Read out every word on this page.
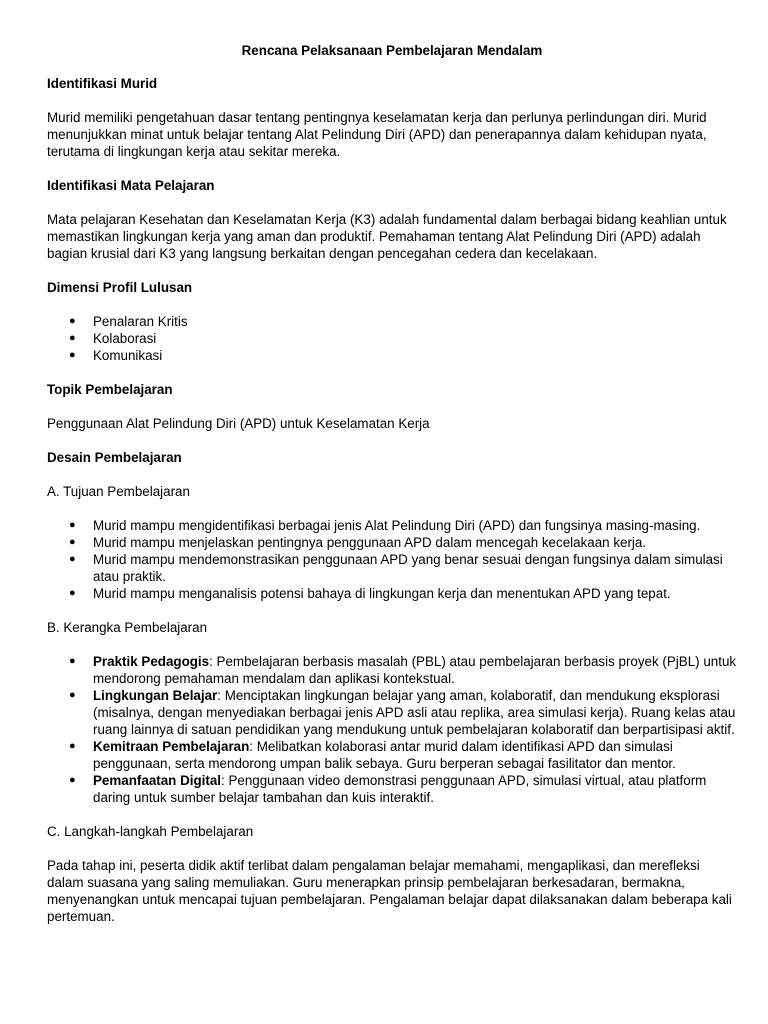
Rencana Pelaksanaan Pembelajaran Mendalam
Identifikasi Murid
Murid memiliki pengetahuan dasar tentang pentingnya keselamatan kerja dan perlunya perlindungan diri. Murid menunjukkan minat untuk belajar tentang Alat Pelindung Diri (APD) dan penerapannya dalam kehidupan nyata, terutama di lingkungan kerja atau sekitar mereka.
Identifikasi Mata Pelajaran
Mata pelajaran Kesehatan dan Keselamatan Kerja (K3) adalah fundamental dalam berbagai bidang keahlian untuk memastikan lingkungan kerja yang aman dan produktif. Pemahaman tentang Alat Pelindung Diri (APD) adalah bagian krusial dari K3 yang langsung berkaitan dengan pencegahan cedera dan kecelakaan.
Dimensi Profil Lulusan
● Penalaran Kritis
● Kolaborasi
● Komunikasi
Topik Pembelajaran
Penggunaan Alat Pelindung Diri (APD) untuk Keselamatan Kerja
Desain Pembelajaran
A. Tujuan Pembelajaran
● Murid mampu mengidentifikasi berbagai jenis Alat Pelindung Diri (APD) dan fungsinya masing-masing.
● Murid mampu menjelaskan pentingnya penggunaan APD dalam mencegah kecelakaan kerja.
● Murid mampu mendemonstrasikan penggunaan APD yang benar sesuai dengan fungsinya dalam simulasi atau praktik.
● Murid mampu menganalisis potensi bahaya di lingkungan kerja dan menentukan APD yang tepat.
B. Kerangka Pembelajaran
● Praktik Pedagogis: Pembelajaran berbasis masalah (PBL) atau pembelajaran berbasis proyek (PjBL) untuk mendorong pemahaman mendalam dan aplikasi kontekstual.
● Lingkungan Belajar: Menciptakan lingkungan belajar yang aman, kolaboratif, dan mendukung eksplorasi (misalnya, dengan menyediakan berbagai jenis APD asli atau replika, area simulasi kerja). Ruang kelas atau ruang lainnya di satuan pendidikan yang mendukung untuk pembelajaran kolaboratif dan berpartisipasi aktif.
● Kemitraan Pembelajaran: Melibatkan kolaborasi antar murid dalam identifikasi APD dan simulasi penggunaan, serta mendorong umpan balik sebaya. Guru berperan sebagai fasilitator dan mentor.
● Pemanfaatan Digital: Penggunaan video demonstrasi penggunaan APD, simulasi virtual, atau platform daring untuk sumber belajar tambahan dan kuis interaktif.
C. Langkah-langkah Pembelajaran
Pada tahap ini, peserta didik aktif terlibat dalam pengalaman belajar memahami, mengaplikasi, dan merefleksi dalam suasana yang saling memuliakan. Guru menerapkan prinsip pembelajaran berkesadaran, bermakna, menyenangkan untuk mencapai tujuan pembelajaran. Pengalaman belajar dapat dilaksanakan dalam beberapa kali pertemuan.
